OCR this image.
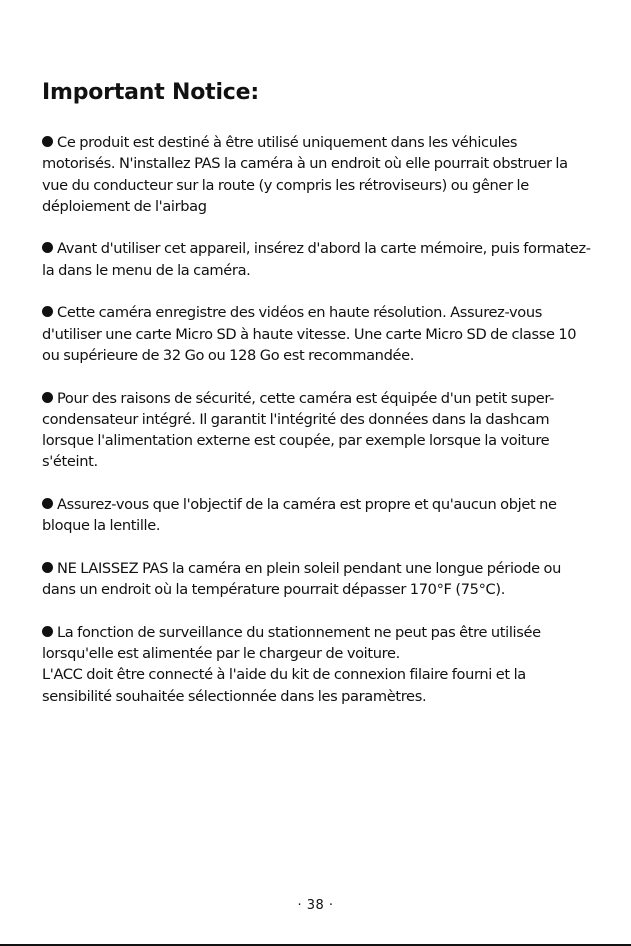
Important Notice:
Ce produit est destiné à être utilisé uniquement dans les véhicules motorisés. N'installez PAS la caméra à un endroit où elle pourrait obstruer la vue du conducteur sur la route (y compris les rétroviseurs) ou gêner le déploiement de l'airbag
Avant d'utiliser cet appareil, insérez d'abord la carte mémoire, puis formatez-la dans le menu de la caméra.
Cette caméra enregistre des vidéos en haute résolution. Assurez-vous d'utiliser une carte Micro SD à haute vitesse. Une carte Micro SD de classe 10 ou supérieure de 32 Go ou 128 Go est recommandée.
Pour des raisons de sécurité, cette caméra est équipée d'un petit super-condensateur intégré. Il garantit l'intégrité des données dans la dashcam lorsque l'alimentation externe est coupée, par exemple lorsque la voiture s'éteint.
Assurez-vous que l'objectif de la caméra est propre et qu'aucun objet ne bloque la lentille.
NE LAISSEZ PAS la caméra en plein soleil pendant une longue période ou dans un endroit où la température pourrait dépasser 170°F (75°C).
La fonction de surveillance du stationnement ne peut pas être utilisée lorsqu'elle est alimentée par le chargeur de voiture.
L'ACC doit être connecté à l'aide du kit de connexion filaire fourni et la sensibilité souhaitée sélectionnée dans les paramètres.
· 38 ·
